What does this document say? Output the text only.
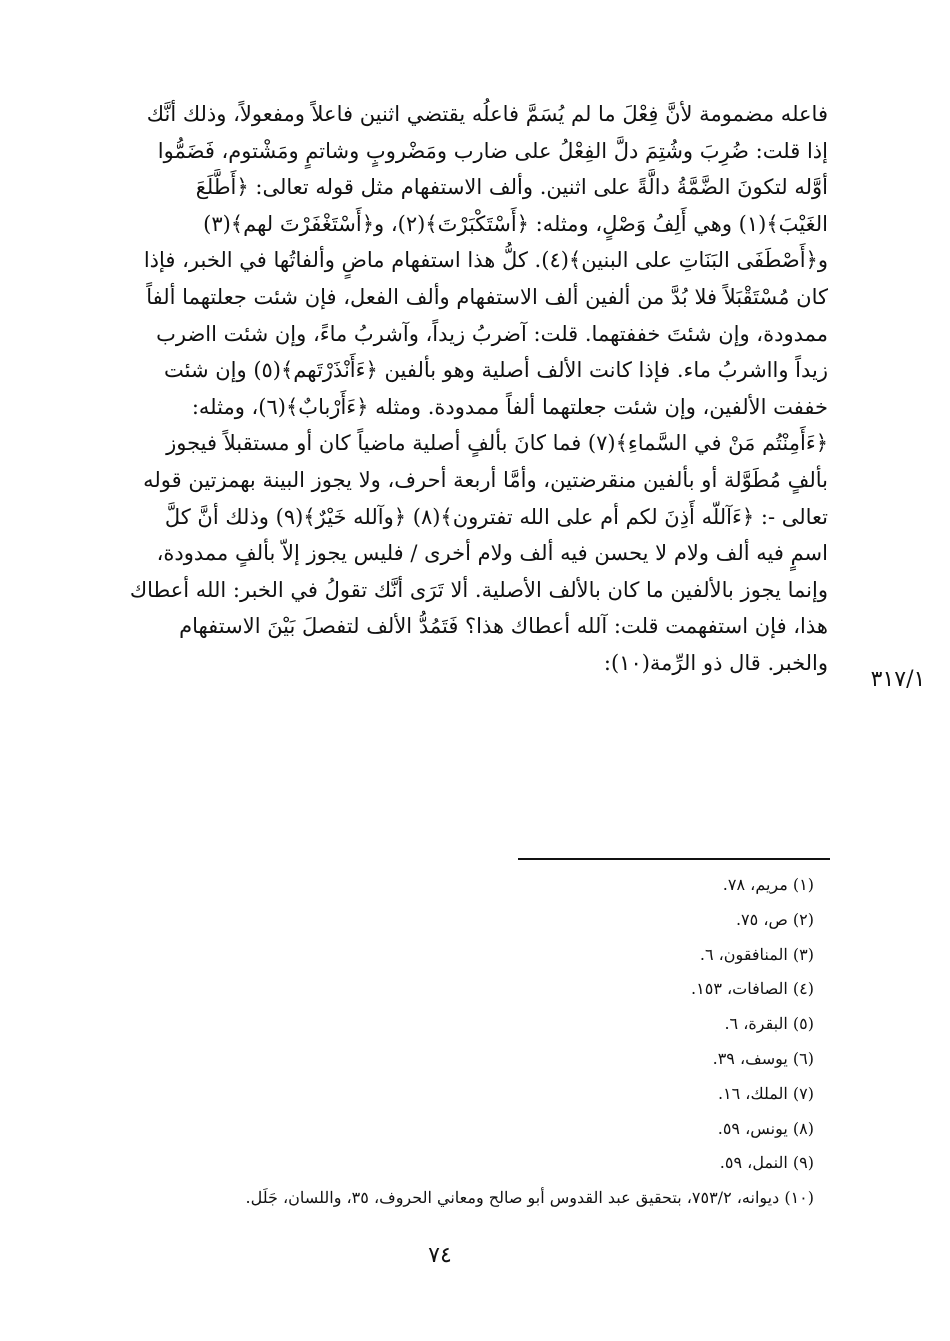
فاعله مضمومة لأنَّ فِعْلَ ما لم يُسَمَّ فاعلُه يقتضي اثنين فاعلاً ومفعولاً، وذلك أنَّك
إذا قلت: ضُرِبَ وشُتِمَ دلَّ الفِعْلُ على ضارب ومَضْروبٍ وشاتمٍ ومَشْتوم، فَضَمُّوا
أوَّله لتكونَ الضَّمَّةُ دالَّةً على اثنين. وألف الاستفهام مثل قوله تعالى: ﴿أَطَّلَعَ
الغَيْبَ﴾(١) وهي أَلِفُ وَصْلٍ، ومثله: ﴿أَسْتَكْبَرْتَ﴾(٢)، و﴿أَسْتَغْفَرْتَ لهم﴾(٣)
و﴿أَصْطَفَى البَنَاتِ على البنين﴾(٤). كلُّ هذا استفهام ماضٍ وألفاتُها في الخبر، فإذا
كان مُسْتَقْبَلاً فلا بُدَّ من ألفين ألف الاستفهام وألف الفعل، فإن شئت جعلتهما ألفاً
ممدودة، وإن شئتَ خففتهما. قلت: آضربُ زيداً، وآشربُ ماءً، وإن شئت ااضرب
زيداً وااشربُ ماء. فإذا كانت الألف أصلية وهو بألفين ﴿ءَأَنْذَرْتَهم﴾(٥) وإن شئت
خففت الألفين، وإن شئت جعلتهما ألفاً ممدودة. ومثله ﴿ءَأَرْبابٌ﴾(٦)، ومثله:
﴿ءَأَمِنْتُم مَنْ في السَّماءِ﴾(٧) فما كانَ بألفٍ أصلية ماضياً كان أو مستقبلاً فيجوز
بألفٍ مُطَوَّلة أو بألفين منقرضتين، وأمَّا أربعة أحرف، ولا يجوز البينة بهمزتين قوله
تعالى -: ﴿ءَآللّه أَذِنَ لكم أم على الله تفترون﴾(٨) ﴿وآلله خَيْرٌ﴾(٩) وذلك أنَّ كلَّ
اسمٍ فيه ألف ولام لا يحسن فيه ألف ولام أخرى / فليس يجوز إلاّ بألفٍ ممدودة،
وإنما يجوز بالألفين ما كان بالألف الأصلية. ألا تَرَى أنَّك تقولُ في الخبر: الله أعطاك
هذا، فإن استفهمت قلت: آلله أعطاك هذا؟ فَتَمُدُّ الألف لتفصلَ بَيْنَ الاستفهام
والخبر. قال ذو الرِّمة(١٠):
٣١٧/١
(١) مريم، ٧٨.
(٢) ص، ٧٥.
(٣) المنافقون، ٦.
(٤) الصافات، ١٥٣.
(٥) البقرة، ٦.
(٦) يوسف، ٣٩.
(٧) الملك، ١٦.
(٨) يونس، ٥٩.
(٩) النمل، ٥٩.
(١٠) ديوانه، ٧٥٣/٢، بتحقيق عبد القدوس أبو صالح ومعاني الحروف، ٣٥، واللسان، جَلَل.
٧٤
